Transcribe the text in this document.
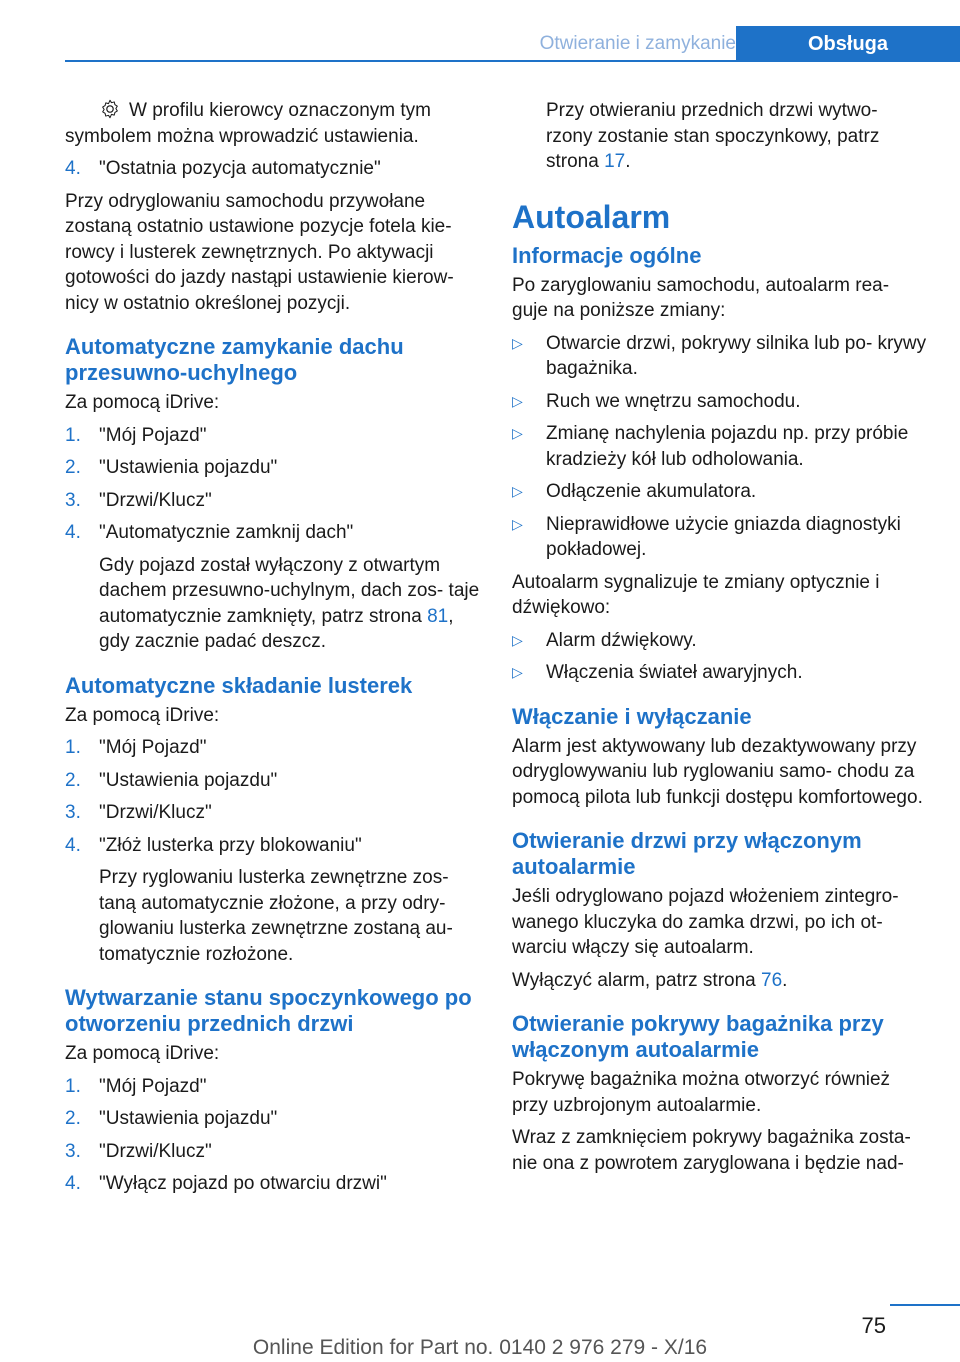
Otwieranie i zamykanie	Obsługa

W profilu kierowcy oznaczonym tym symbolem można wprowadzić ustawienia.

4. "Ostatnia pozycja automatycznie"

Przy odryglowaniu samochodu przywołane zostaną ostatnio ustawione pozycje fotela kie‐ rowcy i lusterek zewnętrznych. Po aktywacji gotowości do jazdy nastąpi ustawienie kierow‐ nicy w ostatnio określonej pozycji.

Automatyczne zamykanie dachu przesuwno-uchylnego

Za pomocą iDrive:

1. "Mój Pojazd"
2. "Ustawienia pojazdu"
3. "Drzwi/Klucz"
4. "Automatycznie zamknij dach"
Gdy pojazd został wyłączony z otwartym dachem przesuwno-uchylnym, dach zos‐ taje automatycznie zamknięty, patrz strona 81, gdy zacznie padać deszcz.
Automatyczne składanie lusterek

Za pomocą iDrive:

1. "Mój Pojazd"
2. "Ustawienia pojazdu"
3. "Drzwi/Klucz"
4. "Złóż lusterka przy blokowaniu"
Przy ryglowaniu lusterka zewnętrzne zos‐ taną automatycznie złożone, a przy odry‐ glowaniu lusterka zewnętrzne zostaną au‐ tomatycznie rozłożone.
Wytwarzanie stanu spoczynkowego po otworzeniu przednich drzwi

Za pomocą iDrive:

1. "Mój Pojazd"
2. "Ustawienia pojazdu"
3. "Drzwi/Klucz"
4. "Wyłącz pojazd po otwarciu drzwi"
Przy otwieraniu przednich drzwi wytwo‐ rzony zostanie stan spoczynkowy, patrz strona 17.
Autoalarm
Informacje ogólne

Po zaryglowaniu samochodu, autoalarm rea‐ guje na poniższe zmiany:

▷ Otwarcie drzwi, pokrywy silnika lub po‐ krywy bagażnika.
▷ Ruch we wnętrzu samochodu.
▷ Zmianę nachylenia pojazdu np. przy próbie kradzieży kół lub odholowania.
▷ Odłączenie akumulatora.
▷ Nieprawidłowe użycie gniazda diagnostyki pokładowej.

Autoalarm sygnalizuje te zmiany optycznie i dźwiękowo:

▷ Alarm dźwiękowy.
▷ Włączenia świateł awaryjnych.
Włączanie i wyłączanie

Alarm jest aktywowany lub dezaktywowany przy odryglowywaniu lub ryglowaniu samo‐ chodu za pomocą pilota lub funkcji dostępu komfortowego.

Otwieranie drzwi przy włączonym autoalarmie

Jeśli odryglowano pojazd włożeniem zintegro‐ wanego kluczyka do zamka drzwi, po ich ot‐ warciu włączy się autoalarm.

Wyłączyć alarm, patrz strona 76.

Otwieranie pokrywy bagażnika przy włączonym autoalarmie

Pokrywę bagażnika można otworzyć również przy uzbrojonym autoalarmie.

Wraz z zamknięciem pokrywy bagażnika zosta‐ nie ona z powrotem zaryglowana i będzie nad‐

75
Online Edition for Part no. 0140 2 976 279 - X/16
